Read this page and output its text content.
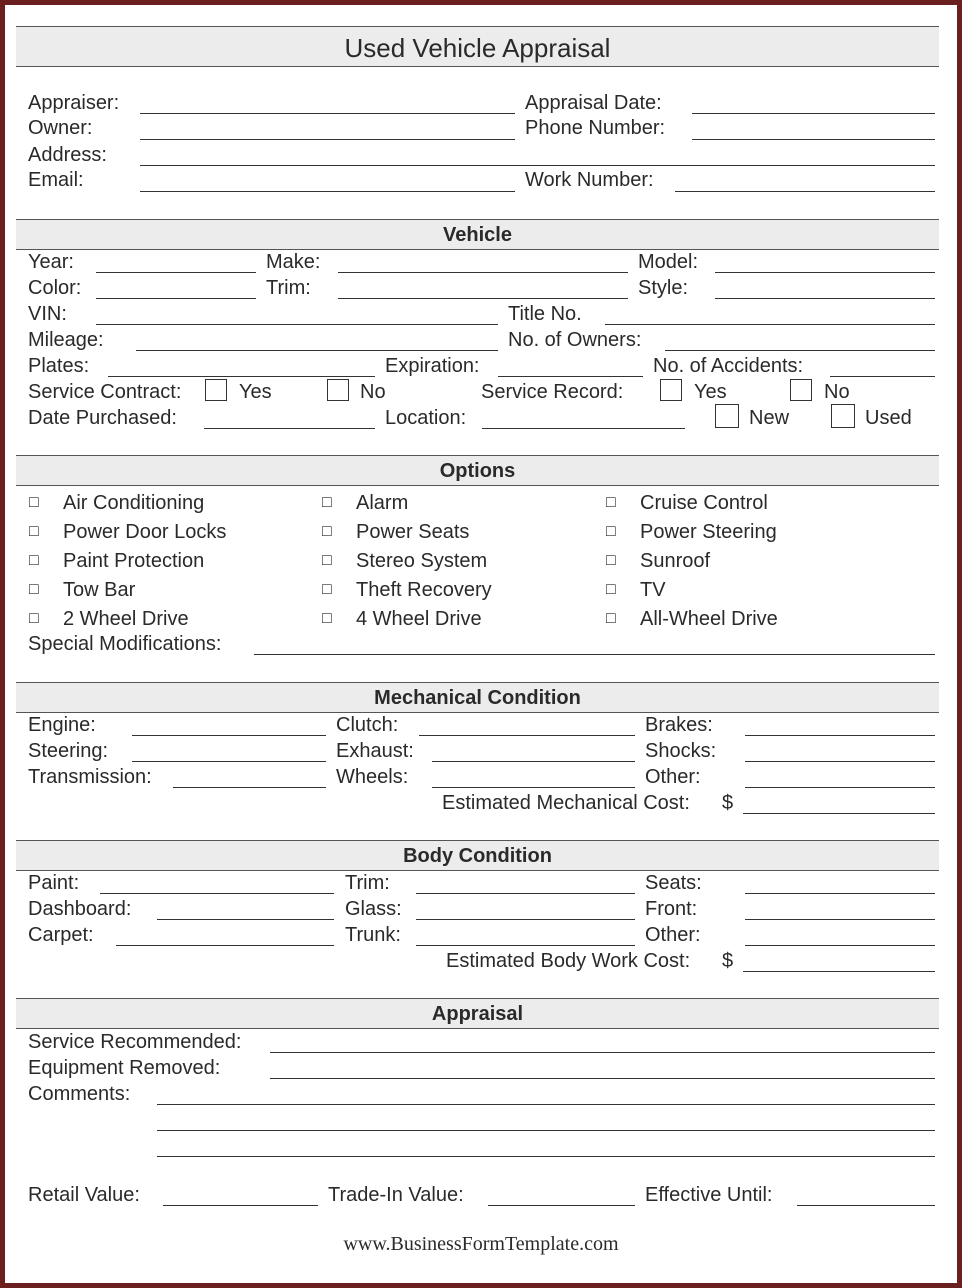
Used Vehicle Appraisal
Appraiser:	Appraisal Date:
Owner:	Phone Number:
Address:
Email:	Work Number:
Vehicle
Year:	Make:	Model:
Color:	Trim:	Style:
VIN:	Title No.
Mileage:	No. of Owners:
Plates:	Expiration:	No. of Accidents:
Service Contract:	Yes	No	Service Record:	Yes	No
Date Purchased:	Location:	New	Used
Options
□ Air Conditioning	□ Alarm	□ Cruise Control
□ Power Door Locks	□ Power Seats	□ Power Steering
□ Paint Protection	□ Stereo System	□ Sunroof
□ Tow Bar	□ Theft Recovery	□ TV
□ 2 Wheel Drive	□ 4 Wheel Drive	□ All-Wheel Drive
Special Modifications:
Mechanical Condition
Engine:	Clutch:	Brakes:
Steering:	Exhaust:	Shocks:
Transmission:	Wheels:	Other:
Estimated Mechanical Cost: $
Body Condition
Paint:	Trim:	Seats:
Dashboard:	Glass:	Front:
Carpet:	Trunk:	Other:
Estimated Body Work Cost: $
Appraisal
Service Recommended:
Equipment Removed:
Comments:
Retail Value:	Trade-In Value:	Effective Until:
www.BusinessFormTemplate.com
